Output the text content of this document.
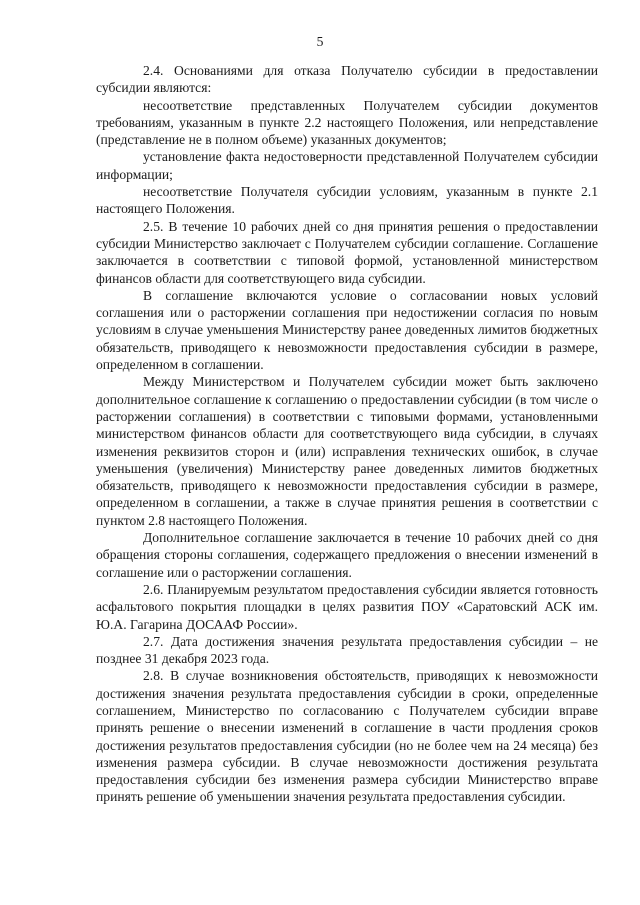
5

2.4. Основаниями для отказа Получателю субсидии в предоставлении субсидии являются:

несоответствие представленных Получателем субсидии документов требованиям, указанным в пункте 2.2 настоящего Положения, или непредставление (представление не в полном объеме) указанных документов;

установление факта недостоверности представленной Получателем субсидии информации;

несоответствие Получателя субсидии условиям, указанным в пункте 2.1 настоящего Положения.

2.5. В течение 10 рабочих дней со дня принятия решения о предоставлении субсидии Министерство заключает с Получателем субсидии соглашение. Соглашение заключается в соответствии с типовой формой, установленной министерством финансов области для соответствующего вида субсидии.

В соглашение включаются условие о согласовании новых условий соглашения или о расторжении соглашения при недостижении согласия по новым условиям в случае уменьшения Министерству ранее доведенных лимитов бюджетных обязательств, приводящего к невозможности предоставления субсидии в размере, определенном в соглашении.

Между Министерством и Получателем субсидии может быть заключено дополнительное соглашение к соглашению о предоставлении субсидии (в том числе о расторжении соглашения) в соответствии с типовыми формами, установленными министерством финансов области для соответствующего вида субсидии, в случаях изменения реквизитов сторон и (или) исправления технических ошибок, в случае уменьшения (увеличения) Министерству ранее доведенных лимитов бюджетных обязательств, приводящего к невозможности предоставления субсидии в размере, определенном в соглашении, а также в случае принятия решения в соответствии с пунктом 2.8 настоящего Положения.

Дополнительное соглашение заключается в течение 10 рабочих дней со дня обращения стороны соглашения, содержащего предложения о внесении изменений в соглашение или о расторжении соглашения.

2.6. Планируемым результатом предоставления субсидии является готовность асфальтового покрытия площадки в целях развития ПОУ «Саратовский АСК им. Ю.А. Гагарина ДОСААФ России».

2.7. Дата достижения значения результата предоставления субсидии – не позднее 31 декабря 2023 года.

2.8. В случае возникновения обстоятельств, приводящих к невозможности достижения значения результата предоставления субсидии в сроки, определенные соглашением, Министерство по согласованию с Получателем субсидии вправе принять решение о внесении изменений в соглашение в части продления сроков достижения результатов предоставления субсидии (но не более чем на 24 месяца) без изменения размера субсидии. В случае невозможности достижения результата предоставления субсидии без изменения размера субсидии Министерство вправе принять решение об уменьшении значения результата предоставления субсидии.
